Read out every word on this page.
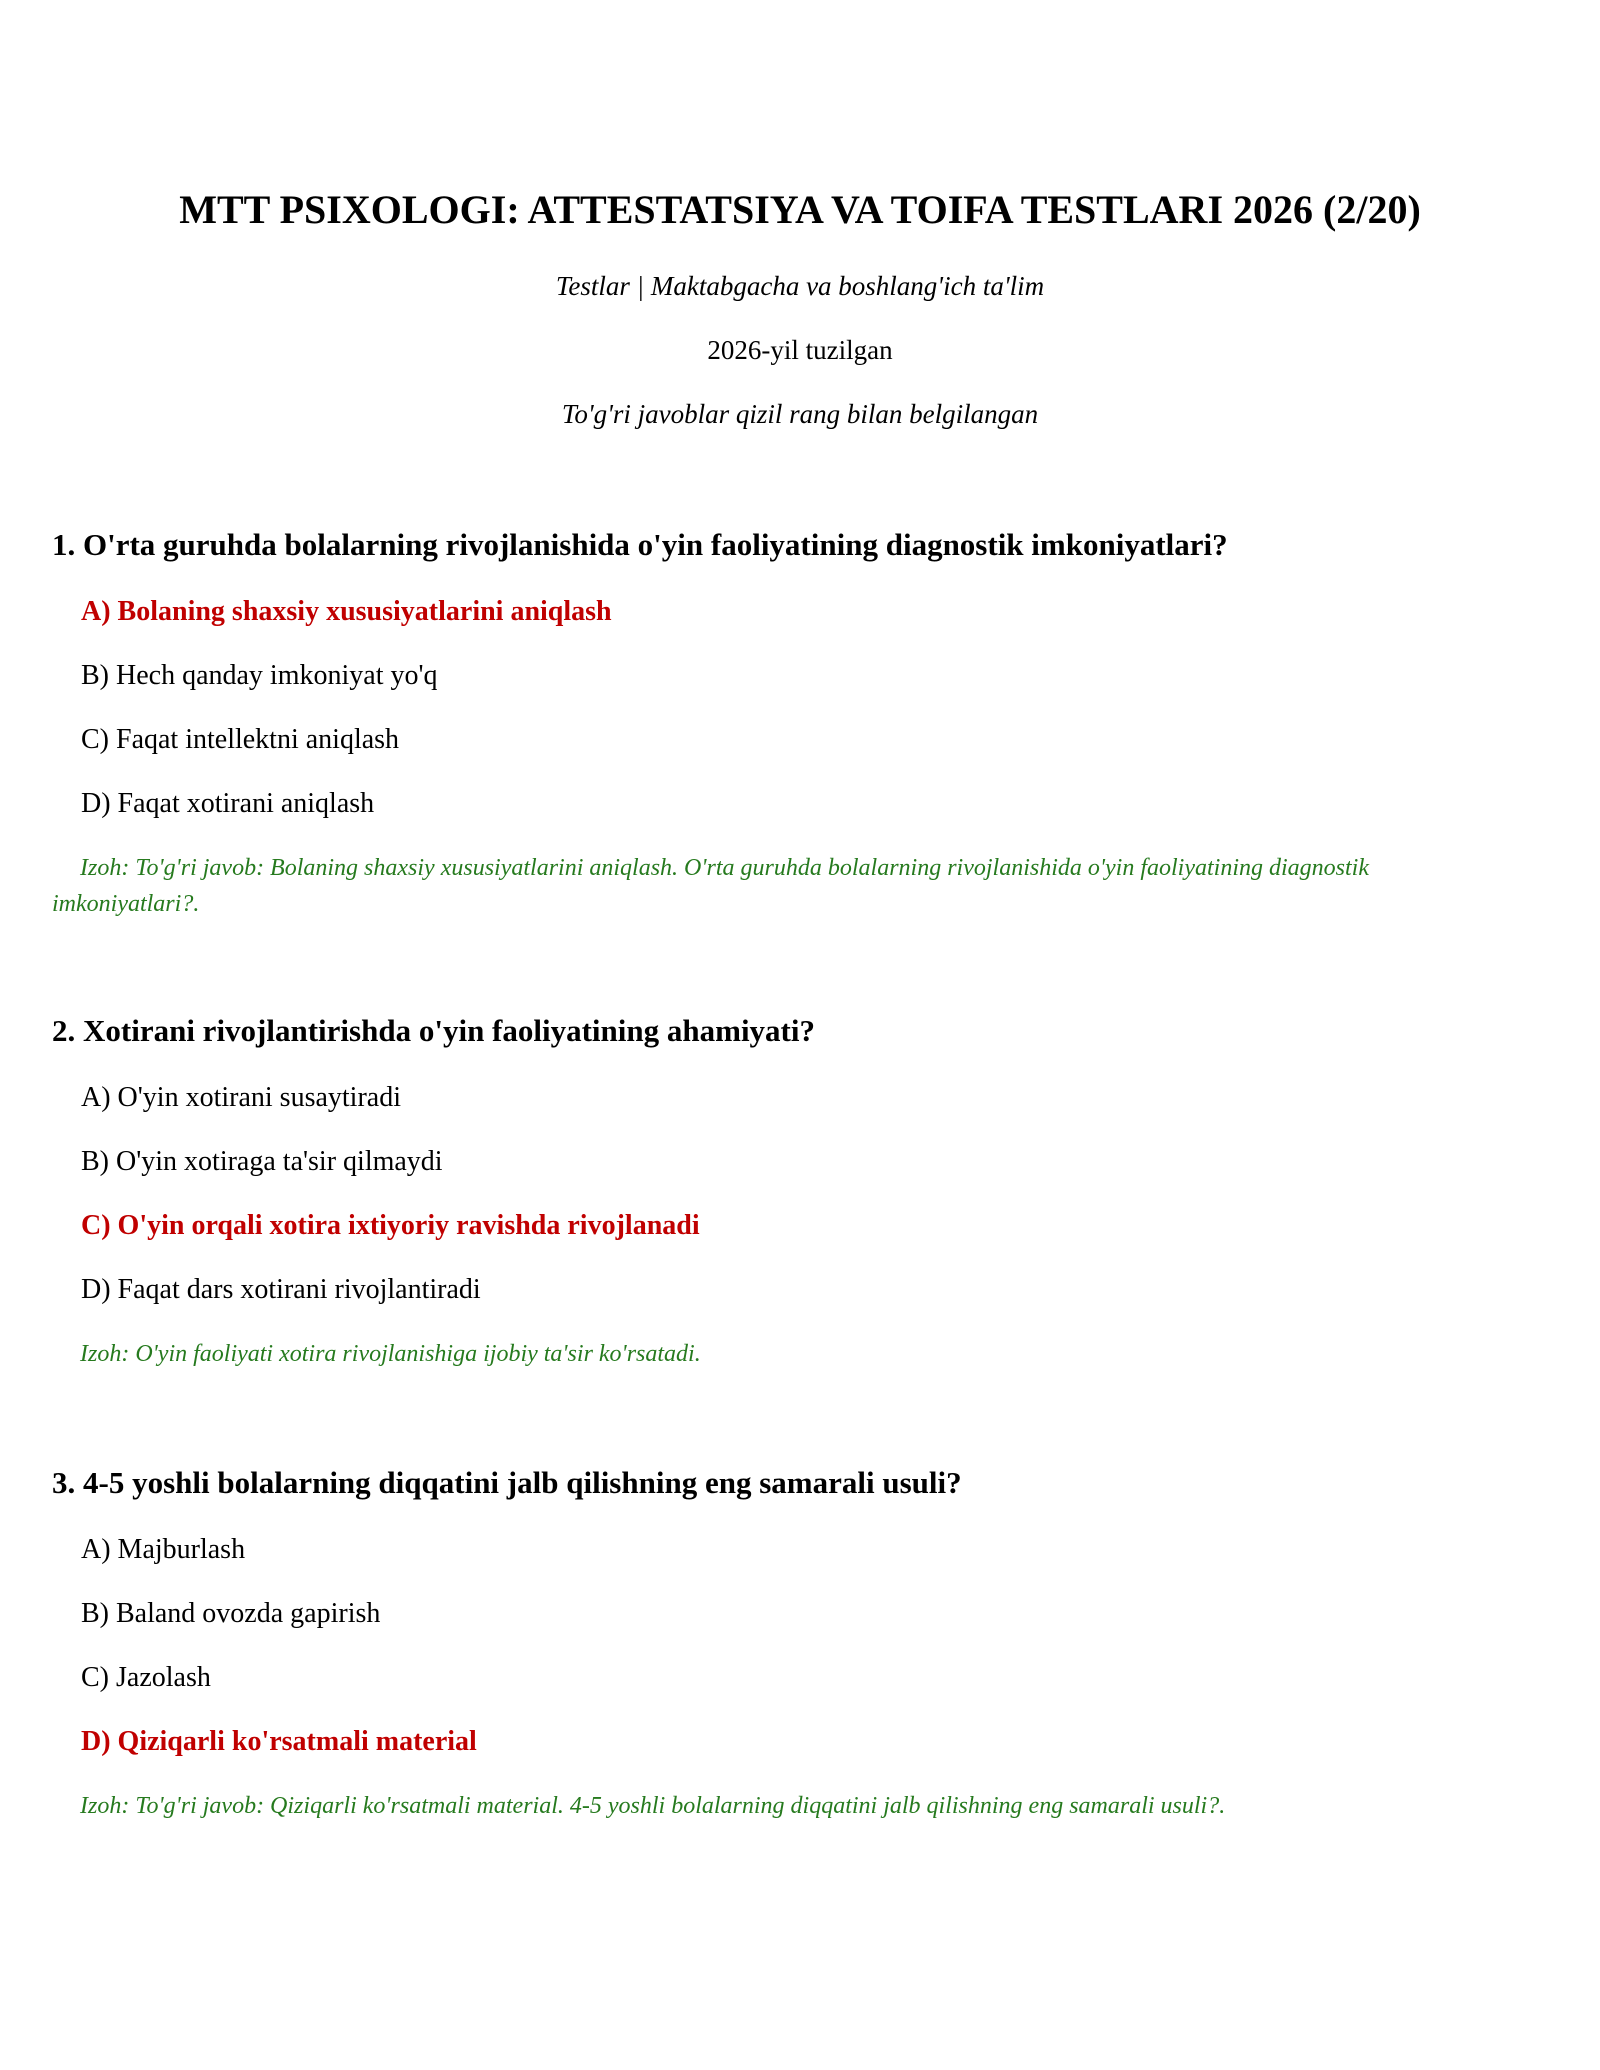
MTT PSIXOLOGI: ATTESTATSIYA VA TOIFA TESTLARI 2026 (2/20)
Testlar | Maktabgacha va boshlang'ich ta'lim
2026-yil tuzilgan
To'g'ri javoblar qizil rang bilan belgilangan
1. O'rta guruhda bolalarning rivojlanishida o'yin faoliyatining diagnostik imkoniyatlari?
A) Bolaning shaxsiy xususiyatlarini aniqlash
B) Hech qanday imkoniyat yo'q
C) Faqat intellektni aniqlash
D) Faqat xotirani aniqlash
Izoh: To'g'ri javob: Bolaning shaxsiy xususiyatlarini aniqlash. O'rta guruhda bolalarning rivojlanishida o'yin faoliyatining diagnostik imkoniyatlari?.
2. Xotirani rivojlantirishda o'yin faoliyatining ahamiyati?
A) O'yin xotirani susaytiradi
B) O'yin xotiraga ta'sir qilmaydi
C) O'yin orqali xotira ixtiyoriy ravishda rivojlanadi
D) Faqat dars xotirani rivojlantiradi
Izoh: O'yin faoliyati xotira rivojlanishiga ijobiy ta'sir ko'rsatadi.
3. 4-5 yoshli bolalarning diqqatini jalb qilishning eng samarali usuli?
A) Majburlash
B) Baland ovozda gapirish
C) Jazolash
D) Qiziqarli ko'rsatmali material
Izoh: To'g'ri javob: Qiziqarli ko'rsatmali material. 4-5 yoshli bolalarning diqqatini jalb qilishning eng samarali usuli?.
